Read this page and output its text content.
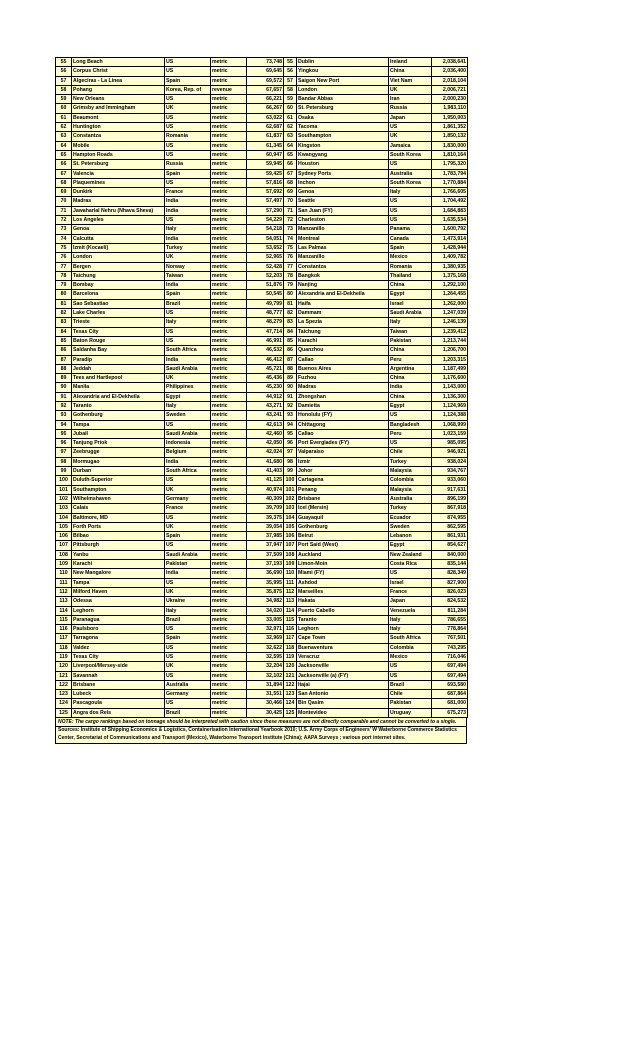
55	Long Beach	US	metric	73,748	55	Dublin	Ireland	2,038,641
56	Corpus Christ	US	metric	69,645	56	Yingkou	China	2,036,400
57	Algeciras - La Linea	Spain	metric	69,572	57	Saigon New Port	Viet Nam	2,018,104
58	Pohang	Korea, Rep. of	revenue	67,657	58	London	UK	2,006,721
59	New Orleans	US	metric	66,221	59	Bandar Abbas	Iran	2,000,230
60	Grimsby and Immingham	UK	metric	66,267	60	St. Petersburg	Russia	1,983,110
61	Beaumont	US	metric	63,022	61	Osaka	Japan	1,950,003
62	Huntington	US	metric	62,687	62	Tacoma	US	1,861,352
63	Constantza	Romania	metric	61,837	63	Southampton	UK	1,850,132
64	Mobile	US	metric	61,345	64	Kingston	Jamaica	1,830,000
65	Hampton Roads	US	metric	60,947	65	Kwangyang	South Korea	1,810,164
66	St. Petersburg	Russia	metric	59,945	66	Houston	US	1,795,320
67	Valencia	Spain	metric	59,425	67	Sydney Ports	Australia	1,783,794
68	Plaquemines	US	metric	57,816	68	Inchon	South Korea	1,770,884
69	Dunkirk	France	metric	57,692	69	Genoa	Italy	1,766,605
70	Madras	India	metric	57,497	70	Seattle	US	1,704,492
71	Jawaharlal Nehru (Nhava Sheva)	India	metric	57,290	71	San Juan (FY)	US	1,684,883
72	Los Angeles	US	metric	54,229	72	Charleston	US	1,635,534
73	Genoa	Italy	metric	54,218	73	Manzanillo	Panama	1,600,792
74	Calcutta	India	metric	54,051	74	Montreal	Canada	1,473,914
75	Izmit (Kocaeli)	Turkey	metric	53,652	75	Las Palmas	Spain	1,428,944
76	London	UK	metric	52,965	76	Manzanillo	Mexico	1,409,782
77	Bergen	Norway	metric	52,428	77	Constantza	Romania	1,380,935
78	Taichung	Taiwan	metric	52,203	78	Bangkok	Thailand	1,375,168
79	Bombay	India	metric	51,876	79	Nanjing	China	1,292,100
80	Barcelona	Spain	metric	50,545	80	Alexandria and El-Dekheila	Egypt	1,264,455
81	Sao Sebastiao	Brazil	metric	49,799	81	Haifa	Israel	1,262,000
82	Lake Charles	US	metric	48,777	82	Dammam	Saudi Arabia	1,247,039
83	Trieste	Italy	metric	48,279	83	La Spezia	Italy	1,246,139
84	Texas City	US	metric	47,714	84	Taichung	Taiwan	1,239,412
85	Baton Rouge	US	metric	46,991	85	Karachi	Pakistan	1,213,744
86	Saldanha Bay	South Africa	metric	46,532	86	Quanzhou	China	1,206,700
87	Paradip	India	metric	46,412	87	Callao	Peru	1,203,315
88	Jeddah	Saudi Arabia	metric	45,721	88	Buenos Aires	Argentina	1,187,499
89	Tees and Hartlepool	UK	metric	45,436	89	Fuzhou	China	1,176,600
90	Manila	Philippines	metric	45,230	90	Madras	India	1,143,000
91	Alexandria and El-Dekheila	Egypt	metric	44,912	91	Zhongshan	China	1,136,300
92	Taranto	Italy	metric	43,271	92	Damietta	Egypt	1,124,969
93	Gothenburg	Sweden	metric	43,241	93	Honolulu (FY)	US	1,124,388
94	Tampa	US	metric	42,613	94	Chittagong	Bangladesh	1,068,999
95	Jubail	Saudi Arabia	metric	42,460	95	Callao	Peru	1,023,159
96	Tanjung Priok	Indonesia	metric	42,050	96	Port Everglades (FY)	US	985,095
97	Zeebrugge	Belgium	metric	42,024	97	Valparaiso	Chile	946,921
98	Mormugao	India	metric	41,680	98	Izmir	Turkey	938,024
99	Durban	South Africa	metric	41,403	99	Johor	Malaysia	934,767
100	Duluth-Superior	US	metric	41,125	100	Cartagena	Colombia	933,060
101	Southampton	UK	metric	40,974	101	Penang	Malaysia	917,631
102	Wilhelmshaven	Germany	metric	40,309	102	Brisbane	Australia	896,199
103	Calais	France	metric	39,709	103	Icel (Mersin)	Turkey	867,918
104	Baltimore, MD	US	metric	39,375	104	Guayaquil	Ecuador	874,955
105	Forth Ports	UK	metric	39,054	105	Gothenburg	Sweden	862,595
106	Bilbao	Spain	metric	37,985	106	Beirut	Lebanon	861,931
107	Pittsburgh	US	metric	37,947	107	Port Said (West)	Egypt	854,627
108	Yanbu	Saudi Arabia	metric	37,509	108	Auckland	New Zealand	840,000
109	Karachi	Pakistan	metric	37,193	109	Limon-Moin	Costa Rica	835,144
110	New Mangalore	India	metric	36,690	110	Miami (FY)	US	828,349
111	Tampa	US	metric	35,995	111	Ashdod	Israel	827,900
112	Milford Haven	UK	metric	35,875	112	Marseilles	France	826,023
113	Odessa	Ukraine	metric	34,982	113	Hakata	Japan	824,532
114	Leghorn	Italy	metric	34,020	114	Puerto Cabello	Venezuela	811,284
115	Paranagua	Brazil	metric	33,005	115	Taranto	Italy	786,655
116	Paulsboro	US	metric	32,971	116	Leghorn	Italy	778,864
117	Tarragona	Spain	metric	32,969	117	Cape Town	South Africa	767,501
118	Valdez	US	metric	32,622	118	Buenaventura	Colombia	743,295
119	Texas City	US	metric	32,595	119	Veracruz	Mexico	716,046
120	Liverpool/Mersey-side	UK	metric	32,204	120	Jacksonville	US	697,494
121	Savannah	US	metric	32,102	121	Jacksonville (a) (FY)	US	697,494
122	Brisbane	Australia	metric	31,894	122	Itajai	Brazil	693,580
123	Lubeck	Germany	metric	31,551	123	San Antonio	Chile	687,864
124	Pascagoula	US	metric	30,466	124	Bin Qasim	Pakistan	681,000
125	Angra dos Reis	Brazil	metric	30,425	125	Montevideo	Uruguay	675,273
NOTE: The cargo rankings based on tonnage should be interpreted with caution since these measures are not directly comparable and cannot be converted to a single.
Sources: Institute of Shipping Economics & Logistics, Containerisation International Yearbook 2010; U.S. Army Corps of Engineers' W Waterborne Commerce Statistics Center, Secretariat of Communications and Transport (Mexico), Waterborne Transport Institute (China); AAPA Surveys ; various port internet sites.
